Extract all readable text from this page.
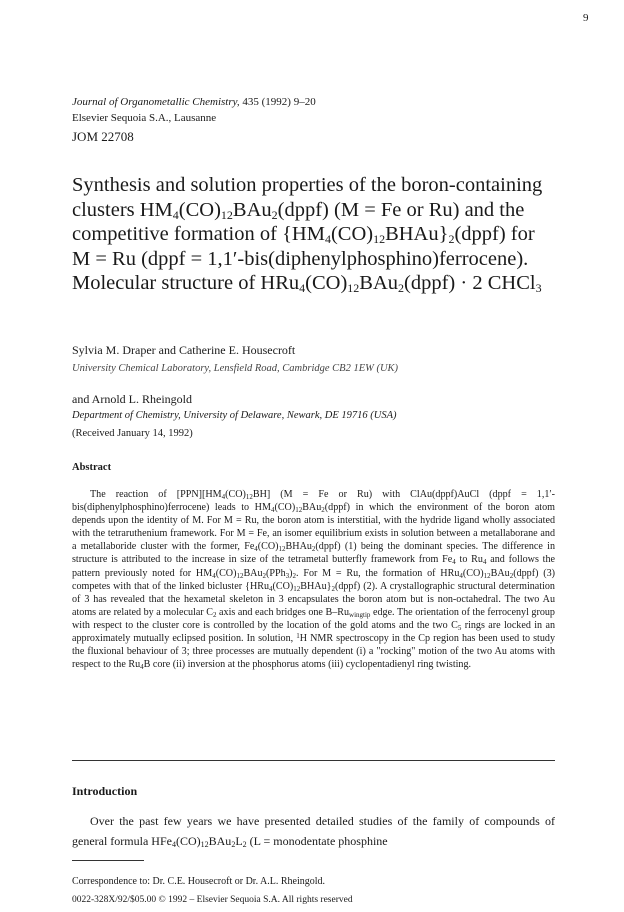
9
Journal of Organometallic Chemistry, 435 (1992) 9–20
Elsevier Sequoia S.A., Lausanne
JOM 22708
Synthesis and solution properties of the boron-containing
clusters $HM_4(CO)_{12}BAu_2(dppf) (M = Fe$ or Ru) and the
competitive formation of $\{HM_4(CO)_{12}BHAu\}_2(dppf)$ for
M = Ru (dppf = 1,1′-bis(diphenylphosphino)ferrocene).
Molecular structure of $HRu_4(CO)_{12}BAu_2(dppf) \cdot 2$ CHCl$_3$
Sylvia M. Draper and Catherine E. Housecroft
University Chemical Laboratory, Lensfield Road, Cambridge CB2 1EW (UK)
and Arnold L. Rheingold
Department of Chemistry, University of Delaware, Newark, DE 19716 (USA)
(Received January 14, 1992)
Abstract

The reaction of $[PPN][HM_4(CO)_{12}BH] (M = Fe$ or Ru) with ClAu(dppf)AuCl (dppf = 1,1′-bis(diphenylphosphino)ferrocene) leads to $HM_4(CO)_{12}BAu_2(dppf)$ in which the environment of the boron atom depends upon the identity of M. For M = Ru, the boron atom is interstitial, with the hydride ligand wholly associated with the tetraruthenium framework. For M = Fe, an isomer equilibrium exists in solution between a metallaborane and a metallaboride cluster with the former, $Fe_4(CO)_{12}BHAu_2(dppf)$ (1) being the dominant species. The difference in structure is attributed to the increase in size of the tetrametal butterfly framework from $Fe_4$ to $Ru_4$ and follows the pattern previously noted for $HM_4(CO)_{12}BAu_2(PPh_3)_2$. For M = Ru, the formation of $HRu_4(CO)_{12}BAu_2(dppf)$ (3) competes with that of the linked bicluster $\{HRu_4(CO)_{12}BHAu\}_2(dppf)$ (2). A crystallographic structural determination of 3 has revealed that the hexametal skeleton in 3 encapsulates the boron atom but is non-octahedral. The two Au atoms are related by a molecular $C_2$ axis and each bridges one $B-Ru_{wingtip}$ edge. The orientation of the ferrocenyl group with respect to the cluster core is controlled by the location of the gold atoms and the two $C_5$ rings are locked in an approximately mutually eclipsed position. In solution, $^1$H NMR spectroscopy in the Cp region has been used to study the fluxional behaviour of 3; three processes are mutually dependent (i) a "rocking" motion of the two Au atoms with respect to the $Ru_4B$ core (ii) inversion at the phosphorus atoms (iii) cyclopentadienyl ring twisting.

Introduction

Over the past few years we have presented detailed studies of the family of compounds of general formula $HFe_4(CO)_{12}BAu_2L_2$ (L = monodentate phosphine

Correspondence to: Dr. C.E. Housecroft or Dr. A.L. Rheingold.
0022-328X/92/$05.00 © 1992 – Elsevier Sequoia S.A. All rights reserved
